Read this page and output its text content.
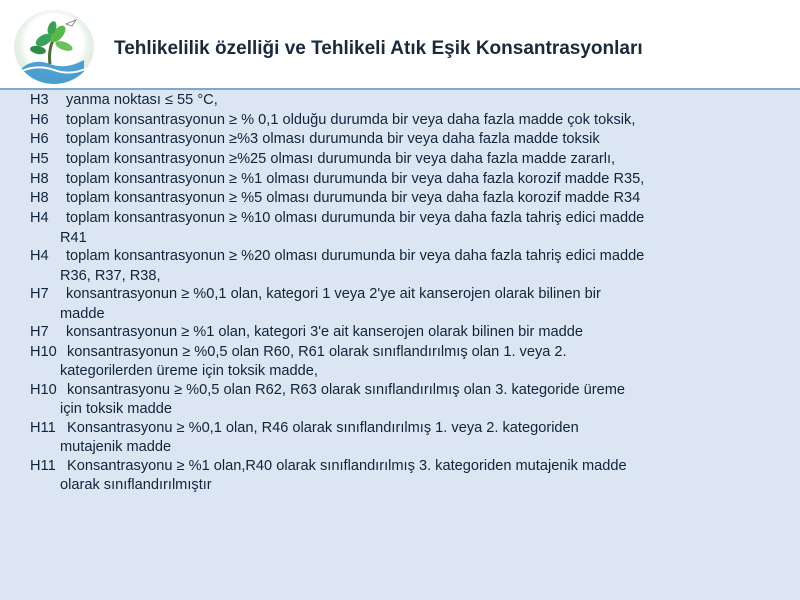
Tehlikelilik özelliği ve Tehlikeli Atık Eşik Konsantrasyonları
H3	yanma noktası ≤ 55 °C,
H6	toplam konsantrasyonun ≥ % 0,1 olduğu durumda bir veya daha fazla madde çok toksik,
H6	toplam konsantrasyonun ≥%3 olması durumunda bir veya daha fazla madde toksik
H5	toplam konsantrasyonun ≥%25 olması durumunda bir veya daha fazla madde zararlı,
H8	toplam konsantrasyonun ≥ %1 olması durumunda bir veya daha fazla korozif madde R35,
H8	toplam konsantrasyonun ≥ %5 olması durumunda bir veya daha fazla korozif madde R34
H4	toplam konsantrasyonun ≥ %10 olması durumunda bir veya daha fazla tahriş edici madde
R41
H4	toplam konsantrasyonun ≥ %20 olması durumunda bir veya daha fazla tahriş edici madde
R36, R37, R38,
H7	konsantrasyonun ≥ %0,1 olan, kategori 1 veya 2'ye ait kanserojen olarak bilinen bir
madde
H7	konsantrasyonun ≥ %1 olan, kategori 3'e ait kanserojen olarak bilinen bir madde
H10 konsantrasyonun ≥ %0,5 olan R60, R61 olarak sınıflandırılmış olan 1. veya 2.
kategorilerden üreme için toksik madde,
H10 konsantrasyonu ≥ %0,5 olan R62, R63 olarak sınıflandırılmış olan 3. kategoride üreme
için toksik madde
H11 Konsantrasyonu ≥ %0,1 olan, R46 olarak sınıflandırılmış 1. veya 2. kategoriden
mutajenik madde
H11 Konsantrasyonu ≥ %1 olan,R40 olarak sınıflandırılmış 3. kategoriden mutajenik madde
olarak sınıflandırılmıştır
